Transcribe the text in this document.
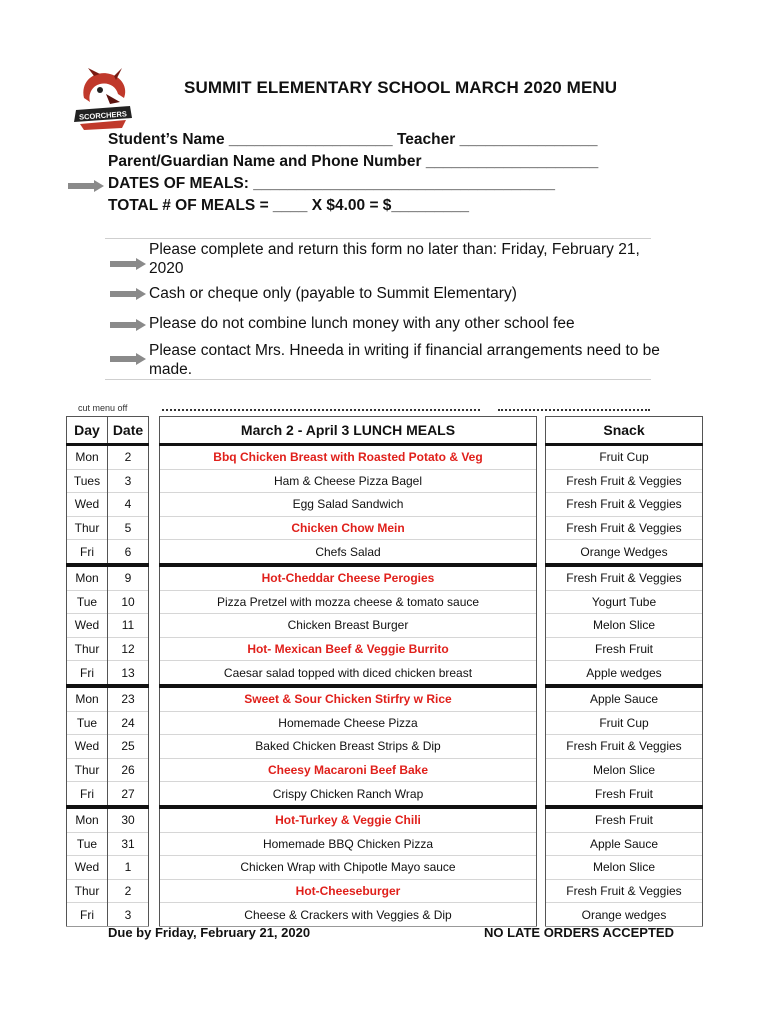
SCORCHERS
SUMMIT ELEMENTARY SCHOOL MARCH 2020 MENU
Student’s Name ___________________ Teacher ________________
Parent/Guardian Name and Phone Number ____________________
DATES OF MEALS: ___________________________________
TOTAL # OF MEALS = ____ X $4.00 = $_________
Please complete and return this form no later than: Friday, February 21, 2020
Cash or cheque only (payable to Summit Elementary)
Please do not combine lunch money with any other school fee
Please contact Mrs. Hneeda in writing if financial arrangements need to be made.
cut menu off
Day	Date		March 2 - April 3 LUNCH MEALS		Snack
Mon	2		Bbq Chicken Breast with Roasted Potato & Veg		Fruit Cup
Tues	3		Ham & Cheese Pizza Bagel		Fresh Fruit & Veggies
Wed	4		Egg Salad Sandwich		Fresh Fruit & Veggies
Thur	5		Chicken Chow Mein		Fresh Fruit & Veggies
Fri	6		Chefs Salad		Orange Wedges
Mon	9		Hot-Cheddar Cheese Perogies		Fresh Fruit & Veggies
Tue	10		Pizza Pretzel with mozza cheese & tomato sauce		Yogurt Tube
Wed	11		Chicken Breast Burger		Melon Slice
Thur	12		Hot- Mexican Beef & Veggie Burrito		Fresh Fruit
Fri	13		Caesar salad topped with diced chicken breast		Apple wedges
Mon	23		Sweet & Sour Chicken Stirfry w Rice		Apple Sauce
Tue	24		Homemade Cheese Pizza		Fruit Cup
Wed	25		Baked Chicken Breast Strips & Dip		Fresh Fruit & Veggies
Thur	26		Cheesy Macaroni Beef Bake		Melon Slice
Fri	27		Crispy Chicken Ranch Wrap		Fresh Fruit
Mon	30		Hot-Turkey & Veggie Chili		Fresh Fruit
Tue	31		Homemade BBQ Chicken Pizza		Apple Sauce
Wed	1		Chicken Wrap with Chipotle Mayo sauce		Melon Slice
Thur	2		Hot-Cheeseburger		Fresh Fruit & Veggies
Fri	3		Cheese & Crackers with Veggies & Dip		Orange wedges
Due by Friday, February 21, 2020	NO LATE ORDERS ACCEPTED
